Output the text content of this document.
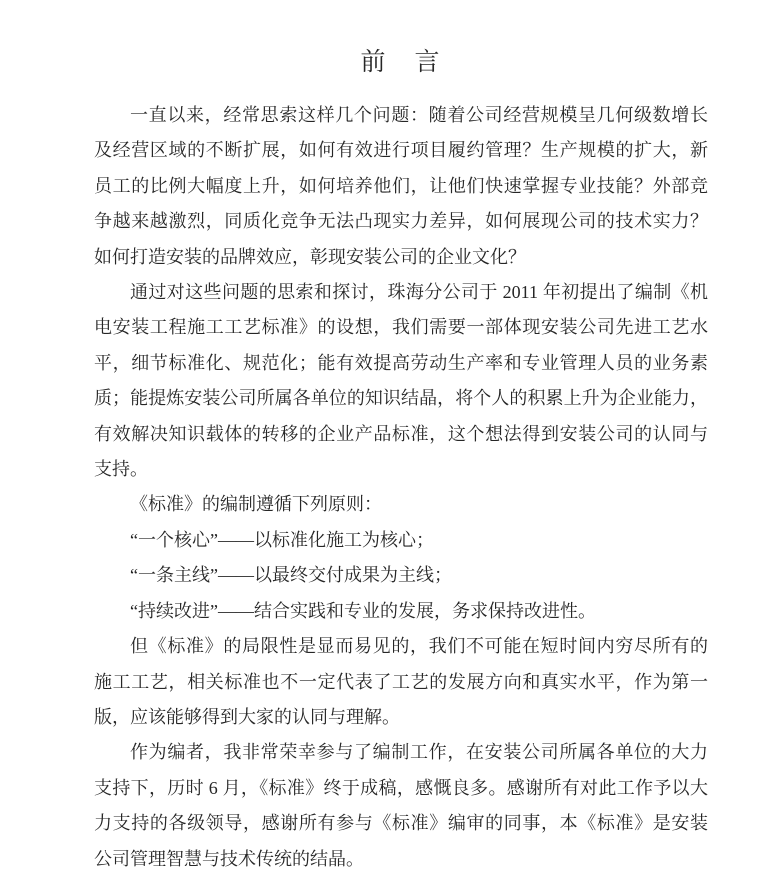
前　言
一直以来，经常思索这样几个问题：随着公司经营规模呈几何级数增长
及经营区域的不断扩展，如何有效进行项目履约管理？生产规模的扩大，新
员工的比例大幅度上升，如何培养他们，让他们快速掌握专业技能？外部竞
争越来越激烈，同质化竞争无法凸现实力差异，如何展现公司的技术实力？
如何打造安装的品牌效应，彰现安装公司的企业文化？
通过对这些问题的思索和探讨，珠海分公司于 2011 年初提出了编制《机
电安装工程施工工艺标准》的设想，我们需要一部体现安装公司先进工艺水
平，细节标准化、规范化；能有效提高劳动生产率和专业管理人员的业务素
质；能提炼安装公司所属各单位的知识结晶，将个人的积累上升为企业能力，
有效解决知识载体的转移的企业产品标准，这个想法得到安装公司的认同与
支持。
《标准》的编制遵循下列原则：
“一个核心”——以标准化施工为核心；
“一条主线”——以最终交付成果为主线；
“持续改进”——结合实践和专业的发展，务求保持改进性。
但《标准》的局限性是显而易见的，我们不可能在短时间内穷尽所有的
施工工艺，相关标准也不一定代表了工艺的发展方向和真实水平，作为第一
版，应该能够得到大家的认同与理解。
作为编者，我非常荣幸参与了编制工作，在安装公司所属各单位的大力
支持下，历时 6 月，《标准》终于成稿，感慨良多。感谢所有对此工作予以大
力支持的各级领导，感谢所有参与《标准》编审的同事，本《标准》是安装
公司管理智慧与技术传统的结晶。
